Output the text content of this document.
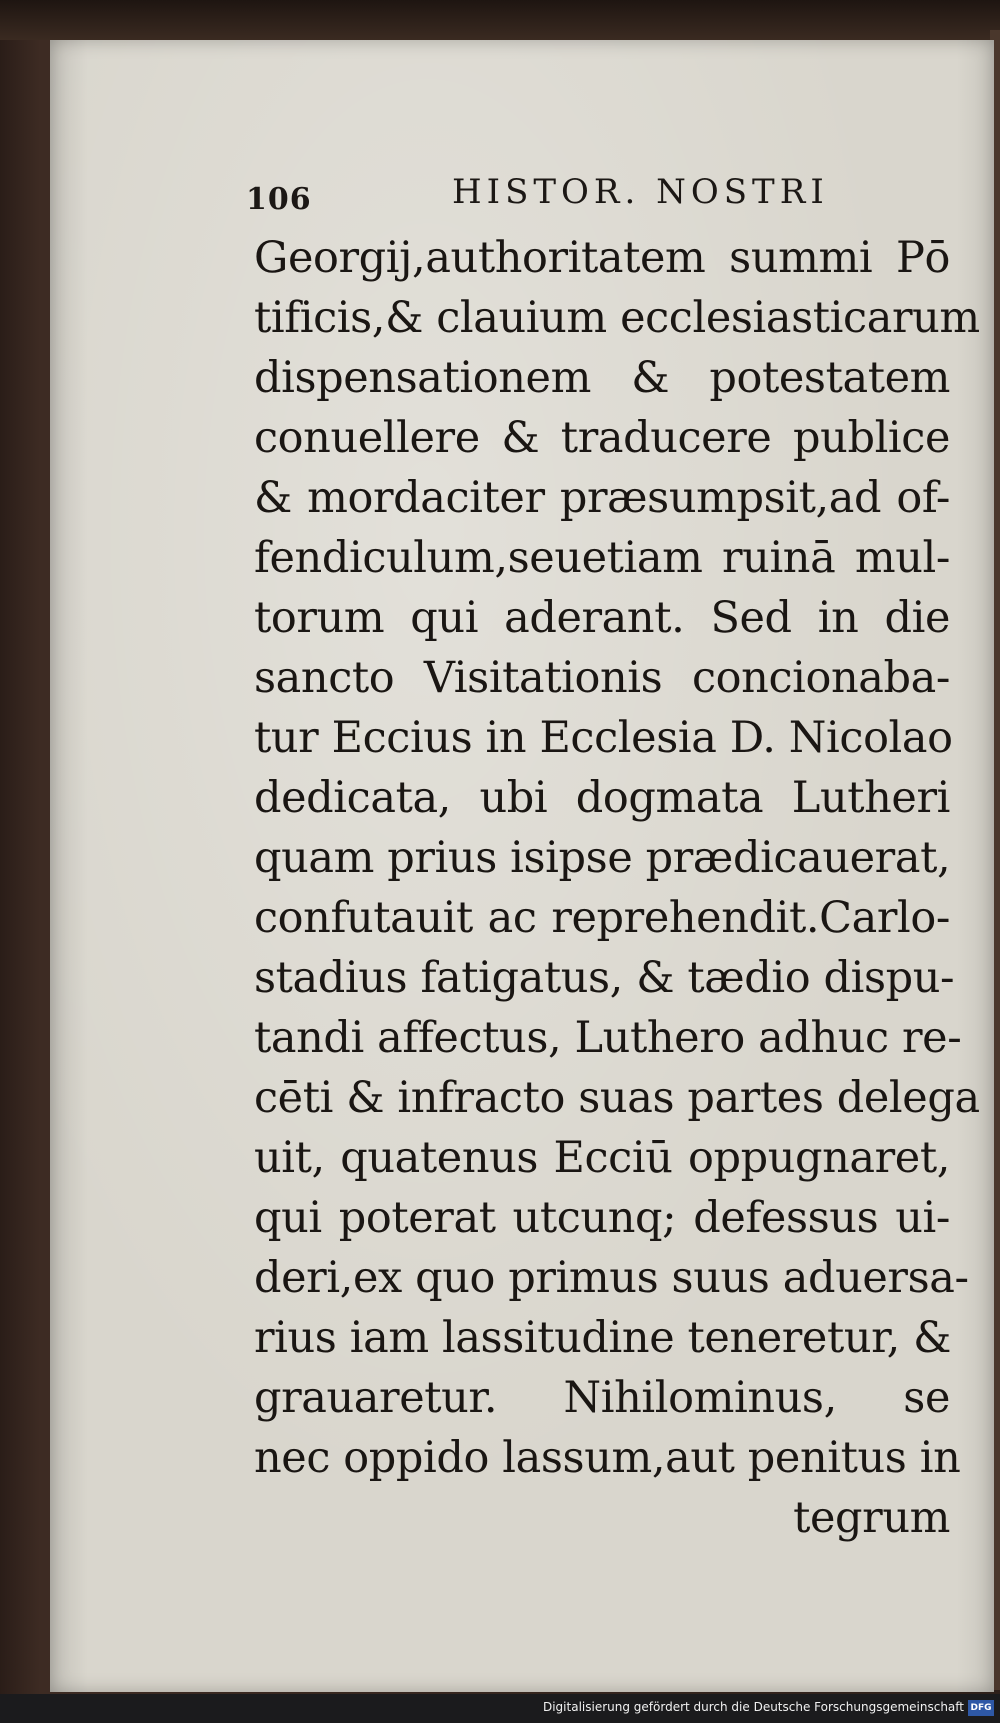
106	HISTOR. NOSTRI
Georgij,authoritatem summi Pō
tificis,& clauium ecclesiasticarum
dispensationem & potestatem
conuellere & traducere publice
& mordaciter præsumpsit,ad of-
fendiculum,seuetiam ruinā mul-
torum qui aderant. Sed in die
sancto Visitationis concionaba-
tur Eccius in Ecclesia D. Nicolao
dedicata, ubi dogmata Lutheri
quam prius isipse prædicauerat,
confutauit ac reprehendit.Carlo-
stadius fatigatus, & tædio dispu-
tandi affectus, Luthero adhuc re-
cēti & infracto suas partes delega
uit, quatenus Ecciū oppugnaret,
qui poterat utcunq; defessus ui-
deri,ex quo primus suus aduersa-
rius iam lassitudine teneretur, &
grauaretur. Nihilominus, se
nec oppido lassum,aut penitus in
tegrum
Digitalisierung gefördert durch die Deutsche Forschungsgemeinschaft DFG
